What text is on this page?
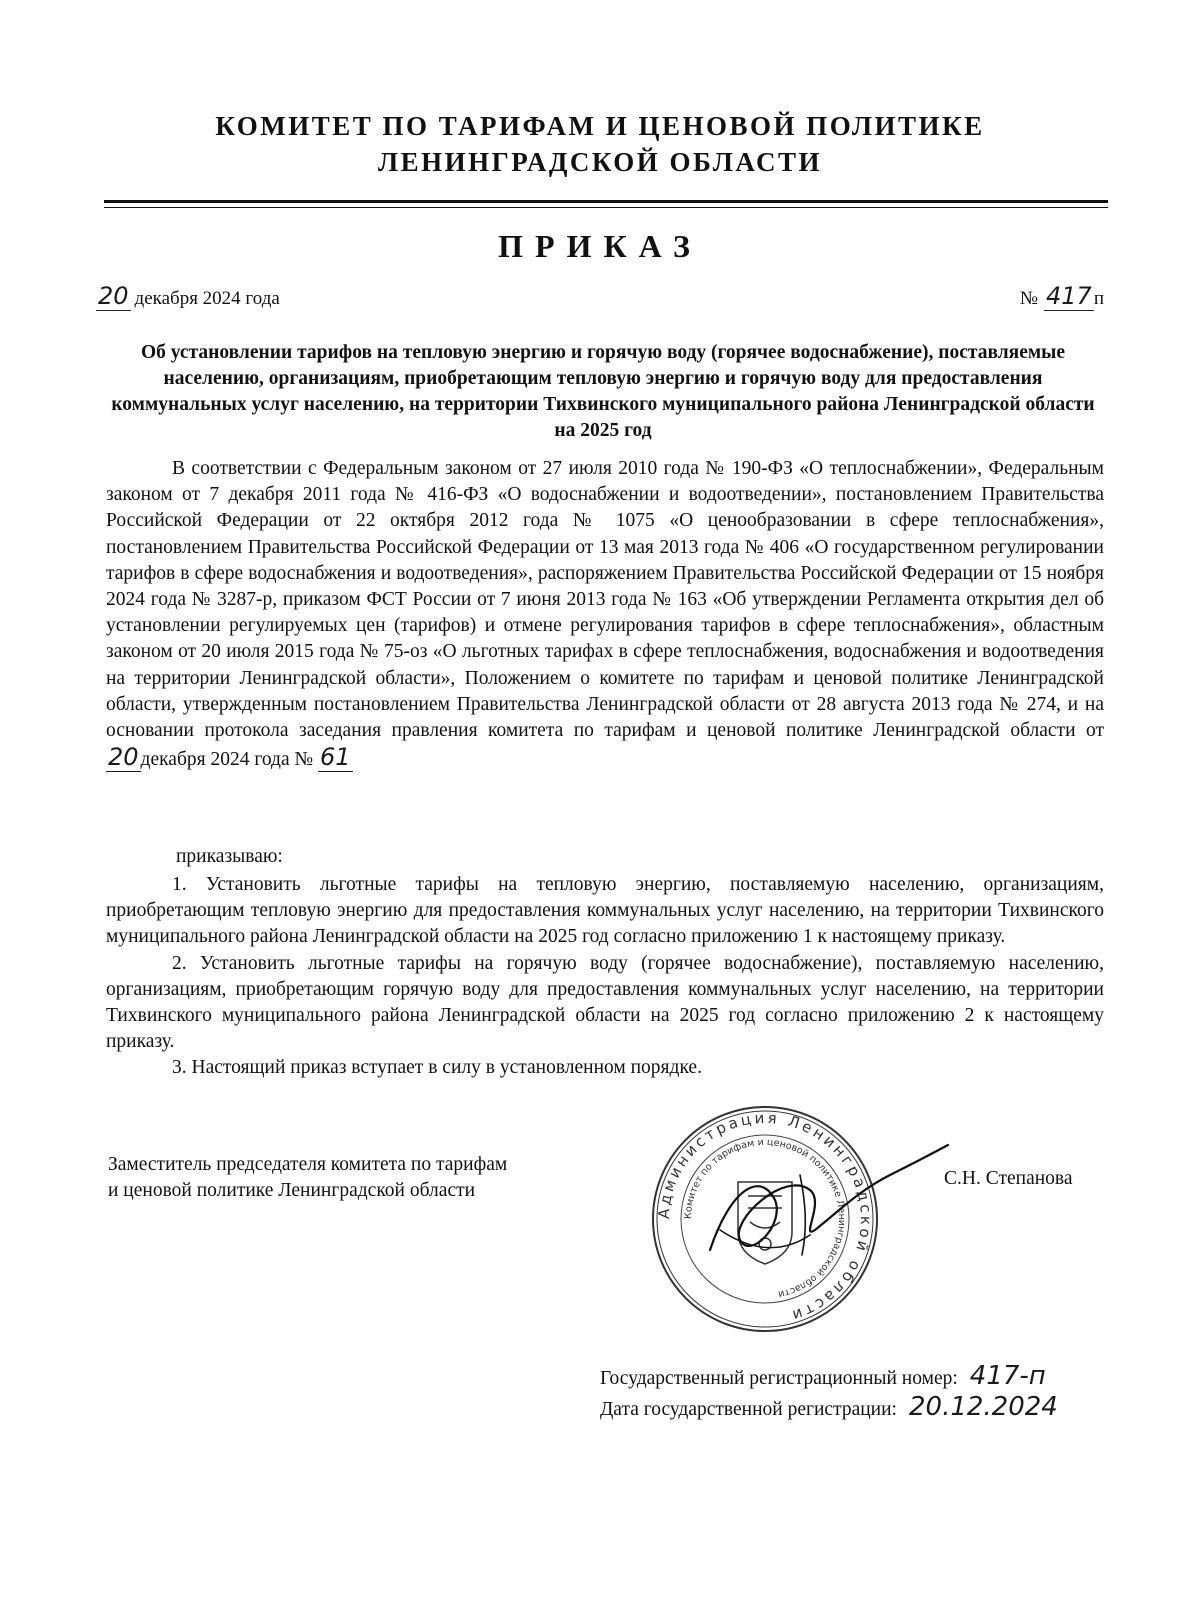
КОМИТЕТ ПО ТАРИФАМ И ЦЕНОВОЙ ПОЛИТИКЕ
ЛЕНИНГРАДСКОЙ ОБЛАСТИ
ПРИКАЗ
20 декабря 2024 года	№ 417 п
Об установлении тарифов на тепловую энергию и горячую воду (горячее водоснабжение), поставляемые населению, организациям, приобретающим тепловую энергию и горячую воду для предоставления коммунальных услуг населению, на территории Тихвинского муниципального района Ленинградской области на 2025 год
В соответствии с Федеральным законом от 27 июля 2010 года № 190-ФЗ «О теплоснабжении», Федеральным законом от 7 декабря 2011 года № 416-ФЗ «О водоснабжении и водоотведении», постановлением Правительства Российской Федерации от 22 октября 2012 года № 1075 «О ценообразовании в сфере теплоснабжения», постановлением Правительства Российской Федерации от 13 мая 2013 года № 406 «О государственном регулировании тарифов в сфере водоснабжения и водоотведения», распоряжением Правительства Российской Федерации от 15 ноября 2024 года № 3287-р, приказом ФСТ России от 7 июня 2013 года № 163 «Об утверждении Регламента открытия дел об установлении регулируемых цен (тарифов) и отмене регулирования тарифов в сфере теплоснабжения», областным законом от 20 июля 2015 года № 75-оз «О льготных тарифах в сфере теплоснабжения, водоснабжения и водоотведения на территории Ленинградской области», Положением о комитете по тарифам и ценовой политике Ленинградской области, утвержденным постановлением Правительства Ленинградской области от 28 августа 2013 года № 274, и на основании протокола заседания правления комитета по тарифам и ценовой политике Ленинградской области от 20 декабря 2024 года № 61
приказываю:

1. Установить льготные тарифы на тепловую энергию, поставляемую населению, организациям, приобретающим тепловую энергию для предоставления коммунальных услуг населению, на территории Тихвинского муниципального района Ленинградской области на 2025 год согласно приложению 1 к настоящему приказу.

2. Установить льготные тарифы на горячую воду (горячее водоснабжение), поставляемую населению, организациям, приобретающим горячую воду для предоставления коммунальных услуг населению, на территории Тихвинского муниципального района Ленинградской области на 2025 год согласно приложению 2 к настоящему приказу.

3. Настоящий приказ вступает в силу в установленном порядке.

Заместитель председателя комитета по тарифам
и ценовой политике Ленинградской области
Администрация Ленинградской области
Комитет по тарифам и ценовой политике Ленинградской области
С.Н. Степанова
Государственный регистрационный номер: 417-п
Дата государственной регистрации: 20.12.2024
